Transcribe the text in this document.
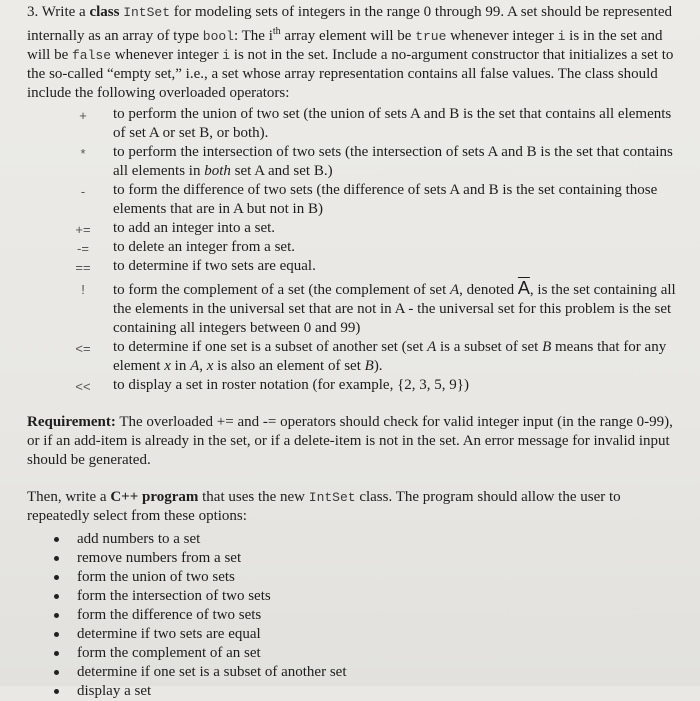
3. Write a class IntSet for modeling sets of integers in the range 0 through 99. A set should be represented internally as an array of type bool: The $i^{th}$ array element will be true whenever integer i is in the set and will be false whenever integer i is not in the set. Include a no-argument constructor that initializes a set to the so-called “empty set,” i.e., a set whose array representation contains all false values. The class should include the following overloaded operators:

+	to perform the union of two set (the union of sets A and B is the set that contains all elements of set A or set B, or both).
*	to perform the intersection of two sets (the intersection of sets A and B is the set that contains all elements in both set A and set B.)
-	to form the difference of two sets (the difference of sets A and B is the set containing those elements that are in A but not in B)
+= to add an integer into a set.
-= to delete an integer from a set.
== to determine if two sets are equal.
!	to form the complement of a set (the complement of set A, denoted $\overline{A}$, is the set containing all the elements in the universal set that are not in A - the universal set for this problem is the set containing all integers between 0 and 99)
<= to determine if one set is a subset of another set (set A is a subset of set B means that for any element x in A, x is also an element of set B).
<< to display a set in roster notation (for example, {2, 3, 5, 9})

Requirement: The overloaded += and -= operators should check for valid integer input (in the range 0-99), or if an add-item is already in the set, or if a delete-item is not in the set. An error message for invalid input should be generated.

Then, write a C++ program that uses the new IntSet class. The program should allow the user to repeatedly select from these options:

add numbers to a set
remove numbers from a set
form the union of two sets
form the intersection of two sets
form the difference of two sets
determine if two sets are equal
form the complement of an set
determine if one set is a subset of another set
display a set
